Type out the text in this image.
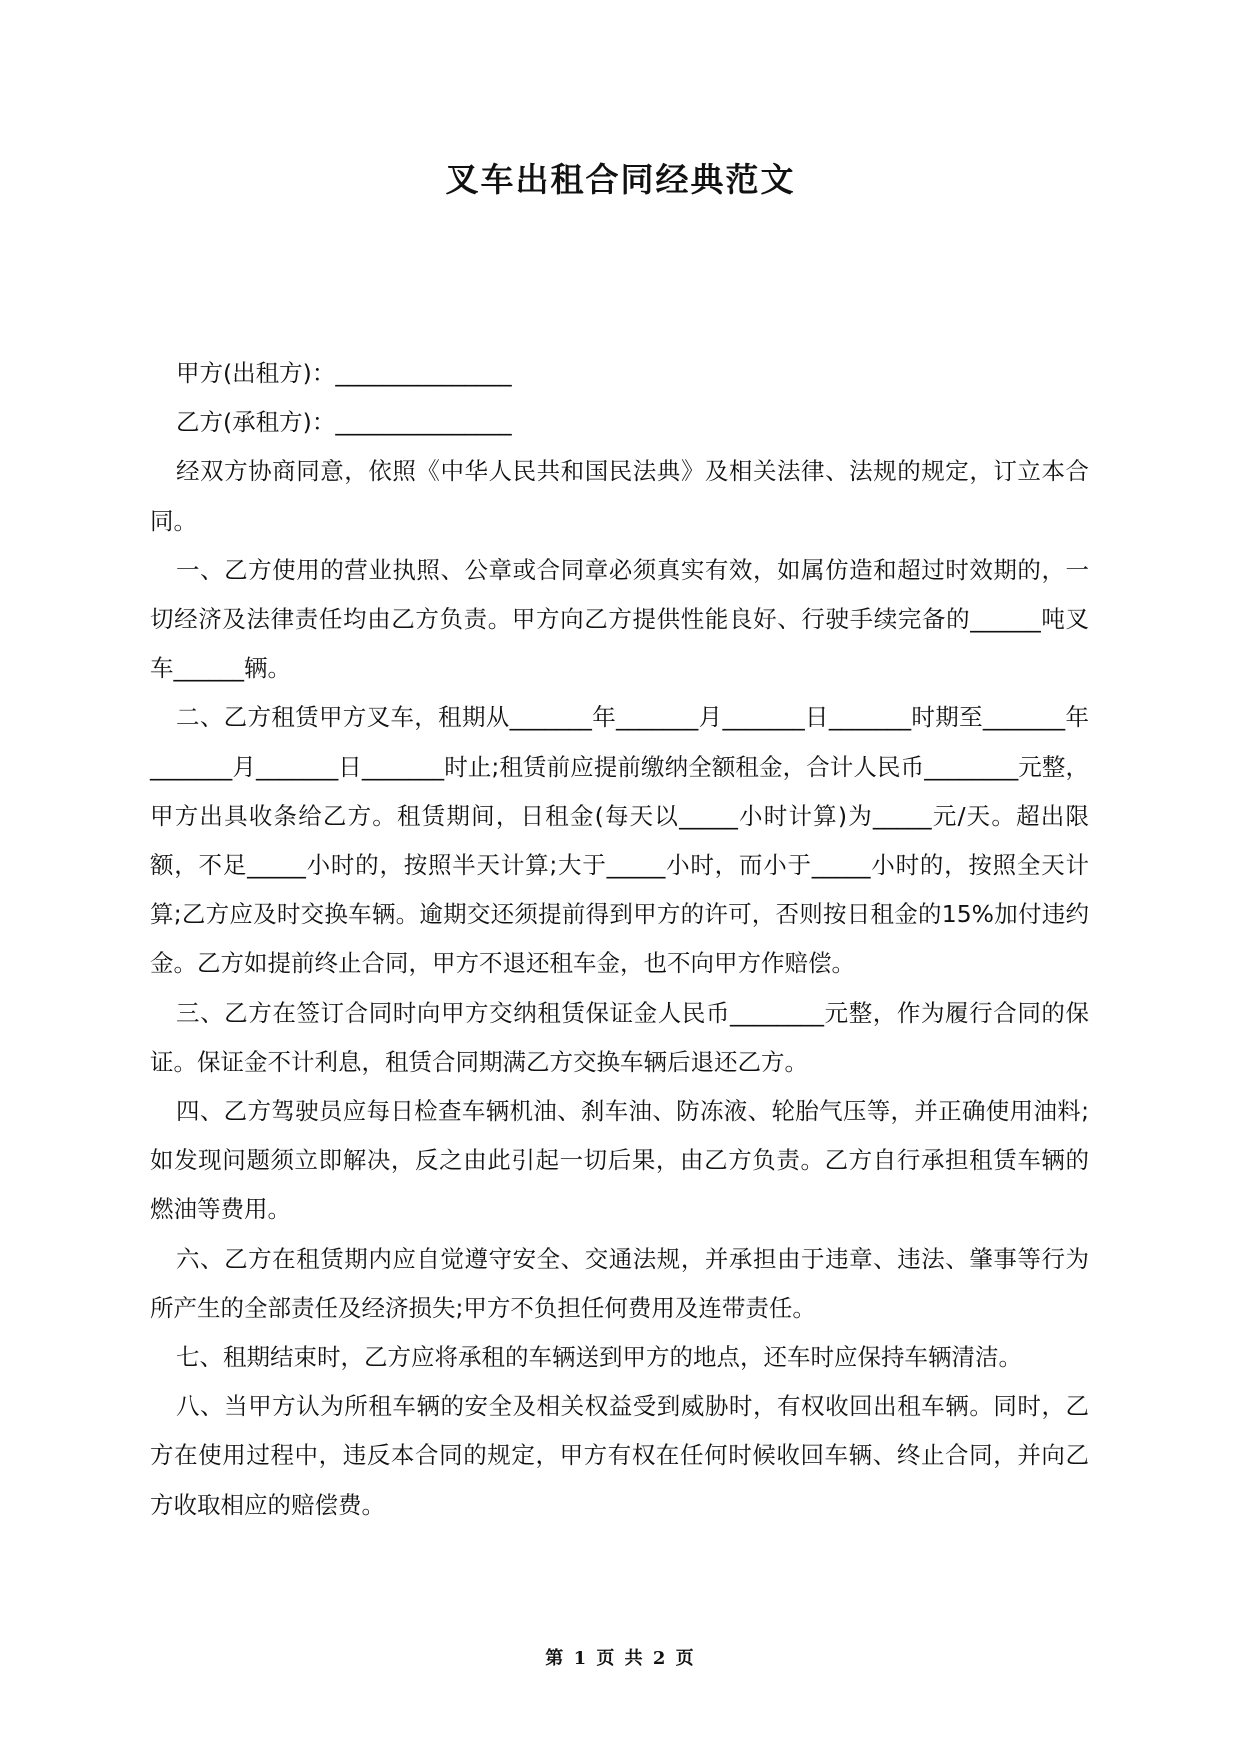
叉车出租合同经典范文

甲方(出租方)：_______________

乙方(承租方)：_______________

经双方协商同意，依照《中华人民共和国民法典》及相关法律、法规的规定，订立本合同。

一、乙方使用的营业执照、公章或合同章必须真实有效，如属仿造和超过时效期的，一切经济及法律责任均由乙方负责。甲方向乙方提供性能良好、行驶手续完备的______吨叉车______辆。

二、乙方租赁甲方叉车，租期从_______年_______月_______日_______时期至_______年_______月_______日_______时止;租赁前应提前缴纳全额租金，合计人民币________元整，甲方出具收条给乙方。租赁期间，日租金(每天以_____小时计算)为_____元/天。超出限额，不足_____小时的，按照半天计算;大于_____小时，而小于_____小时的，按照全天计算;乙方应及时交换车辆。逾期交还须提前得到甲方的许可，否则按日租金的15%加付违约金。乙方如提前终止合同，甲方不退还租车金，也不向甲方作赔偿。

三、乙方在签订合同时向甲方交纳租赁保证金人民币________元整，作为履行合同的保证。保证金不计利息，租赁合同期满乙方交换车辆后退还乙方。

四、乙方驾驶员应每日检查车辆机油、刹车油、防冻液、轮胎气压等，并正确使用油料;如发现问题须立即解决，反之由此引起一切后果，由乙方负责。乙方自行承担租赁车辆的燃油等费用。

六、乙方在租赁期内应自觉遵守安全、交通法规，并承担由于违章、违法、肇事等行为所产生的全部责任及经济损失;甲方不负担任何费用及连带责任。

七、租期结束时，乙方应将承租的车辆送到甲方的地点，还车时应保持车辆清洁。

八、当甲方认为所租车辆的安全及相关权益受到威胁时，有权收回出租车辆。同时，乙方在使用过程中，违反本合同的规定，甲方有权在任何时候收回车辆、终止合同，并向乙方收取相应的赔偿费。

第 1 页 共 2 页
